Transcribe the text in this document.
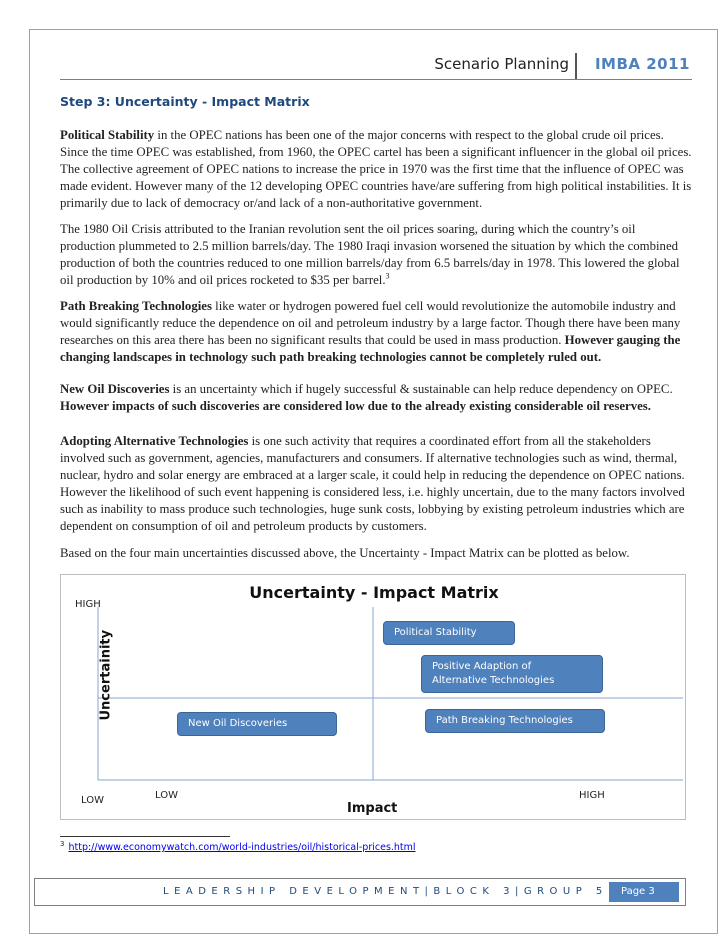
Scenario Planning	IMBA 2011
Step 3: Uncertainty - Impact Matrix

Political Stability in the OPEC nations has been one of the major concerns with respect to the global crude oil prices. Since the time OPEC was established, from 1960, the OPEC cartel has been a significant influencer in the global oil prices. The collective agreement of OPEC nations to increase the price in 1970 was the first time that the influence of OPEC was made evident. However many of the 12 developing OPEC countries have/are suffering from high political instabilities. It is primarily due to lack of democracy or/and lack of a non-authoritative government.

The 1980 Oil Crisis attributed to the Iranian revolution sent the oil prices soaring, during which the country’s oil production plummeted to 2.5 million barrels/day. The 1980 Iraqi invasion worsened the situation by which the combined production of both the countries reduced to one million barrels/day from 6.5 barrels/day in 1978. This lowered the global oil production by 10% and oil prices rocketed to $35 per barrel.$^3$

Path Breaking Technologies like water or hydrogen powered fuel cell would revolutionize the automobile industry and would significantly reduce the dependence on oil and petroleum industry by a large factor. Though there have been many researches on this area there has been no significant results that could be used in mass production. However gauging the changing landscapes in technology such path breaking technologies cannot be completely ruled out.

New Oil Discoveries is an uncertainty which if hugely successful & sustainable can help reduce dependency on OPEC. However impacts of such discoveries are considered low due to the already existing considerable oil reserves.

Adopting Alternative Technologies is one such activity that requires a coordinated effort from all the stakeholders involved such as government, agencies, manufacturers and consumers. If alternative technologies such as wind, thermal, nuclear, hydro and solar energy are embraced at a larger scale, it could help in reducing the dependence on OPEC nations. However the likelihood of such event happening is considered less, i.e. highly uncertain, due to the many factors involved such as inability to mass produce such technologies, huge sunk costs, lobbying by existing petroleum industries which are dependent on consumption of oil and petroleum products by customers.

Based on the four main uncertainties discussed above, the Uncertainty - Impact Matrix can be plotted as below.

Uncertainty - Impact Matrix
HIGH
LOW	LOW	HIGH
Uncertainity
Impact
Political Stability
Positive Adaption of
Alternative Technologies
New Oil Discoveries	Path Breaking Technologies
$^3$ http://www.economywatch.com/world-industries/oil/historical-prices.html
LEADERSHIP DEVELOPMENT|BLOCK 3|GROUP 5	Page 3
